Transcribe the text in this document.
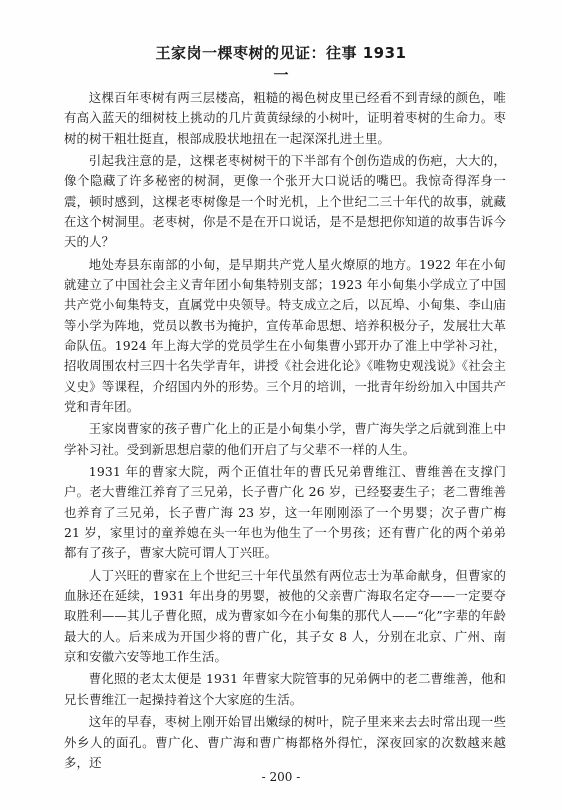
王家岗一棵枣树的见证：往事 1931
一

这棵百年枣树有两三层楼高，粗糙的褐色树皮里已经看不到青绿的颜色，唯有高入蓝天的细树枝上挑动的几片黄黄绿绿的小树叶，证明着枣树的生命力。枣树的树干粗壮挺直，根部成股状地扭在一起深深扎进土里。

引起我注意的是，这棵老枣树树干的下半部有个创伤造成的伤疤，大大的，像个隐藏了许多秘密的树洞，更像一个张开大口说话的嘴巴。我惊奇得浑身一震，顿时感到，这棵老枣树像是一个时光机，上个世纪二三十年代的故事，就藏在这个树洞里。老枣树，你是不是在开口说话，是不是想把你知道的故事告诉今天的人？

地处寿县东南部的小甸，是早期共产党人星火燎原的地方。1922 年在小甸就建立了中国社会主义青年团小甸集特别支部；1923 年小甸集小学成立了中国共产党小甸集特支，直属党中央领导。特支成立之后，以瓦埠、小甸集、李山庙等小学为阵地，党员以教书为掩护，宣传革命思想、培养积极分子，发展壮大革命队伍。1924 年上海大学的党员学生在小甸集曹小郢开办了淮上中学补习社，招收周围农村三四十名失学青年，讲授《社会进化论》《唯物史观浅说》《社会主义史》等课程，介绍国内外的形势。三个月的培训，一批青年纷纷加入中国共产党和青年团。

王家岗曹家的孩子曹广化上的正是小甸集小学，曹广海失学之后就到淮上中学补习社。受到新思想启蒙的他们开启了与父辈不一样的人生。

1931 年的曹家大院，两个正值壮年的曹氏兄弟曹维江、曹维善在支撑门户。老大曹维江养育了三兄弟，长子曹广化 26 岁，已经娶妻生子；老二曹维善也养育了三兄弟，长子曹广海 23 岁，这一年刚刚添了一个男婴；次子曹广梅 21 岁，家里讨的童养媳在头一年也为他生了一个男孩；还有曹广化的两个弟弟都有了孩子，曹家大院可谓人丁兴旺。

人丁兴旺的曹家在上个世纪三十年代虽然有两位志士为革命献身，但曹家的血脉还在延续，1931 年出身的男婴，被他的父亲曹广海取名定夺——一定要夺取胜利——其儿子曹化照，成为曹家如今在小甸集的那代人——“化”字辈的年龄最大的人。后来成为开国少将的曹广化，其子女 8 人，分别在北京、广州、南京和安徽六安等地工作生活。

曹化照的老太太便是 1931 年曹家大院管事的兄弟俩中的老二曹维善，他和兄长曹维江一起操持着这个大家庭的生活。

这年的早春，枣树上刚开始冒出嫩绿的树叶，院子里来来去去时常出现一些外乡人的面孔。曹广化、曹广海和曹广梅都格外得忙，深夜回家的次数越来越多，还

- 200 -
